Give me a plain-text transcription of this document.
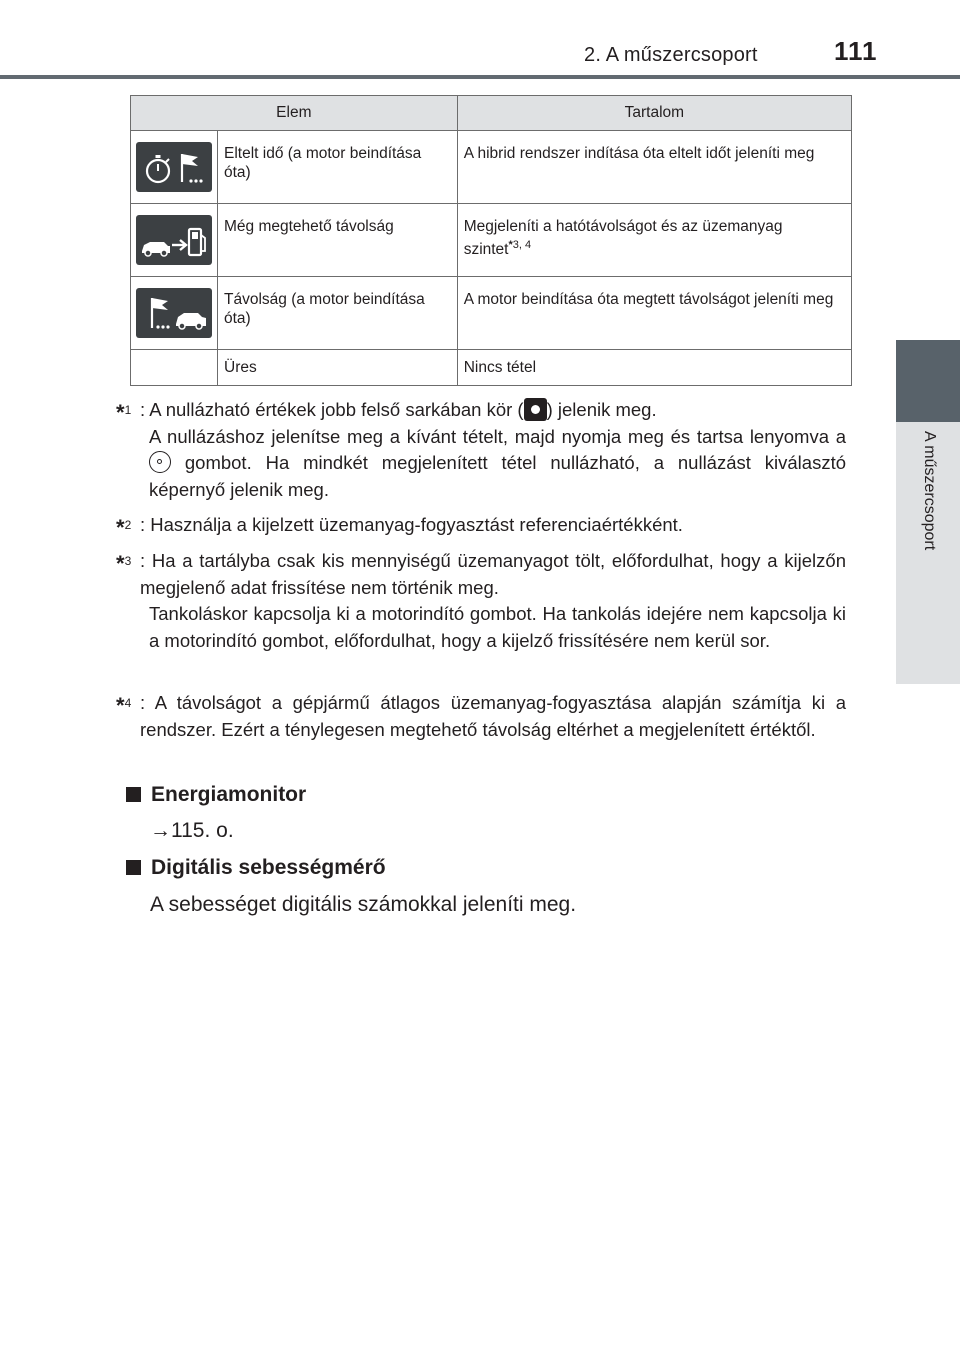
2. A műszercsoport	111
2
A műszercsoport
Elem		Tartalom

	Eltelt idő (a motor beindítása óta)	A hibrid rendszer indítása óta eltelt időt jeleníti meg

	Még megtehető távolság	Megjeleníti a hatótávolságot és az üzemanyag szintet$^{*3, 4}$

	Távolság (a motor beindítása óta)	A motor beindítása óta megtett távolságot jeleníti meg
	Üres	Nincs tétel
*$^1$ : A nullázható értékek jobb felső sarkában kör ( ) jelenik meg.

A nullázáshoz jelenítse meg a kívánt tételt, majd nyomja meg és tartsa lenyomva a  gombot. Ha mindkét megjelenített tétel nullázható, a nullázást kiválasztó képernyő jelenik meg.

*$^2$ : Használja a kijelzett üzemanyag-fogyasztást referenciaértékként.

*$^3$ : Ha a tartályba csak kis mennyiségű üzemanyagot tölt, előfordulhat, hogy a kijelzőn megjelenő adat frissítése nem történik meg.

Tankoláskor kapcsolja ki a motorindító gombot. Ha tankolás idejére nem kapcsolja ki a motorindító gombot, előfordulhat, hogy a kijelző frissítésére nem kerül sor.

*$^4$ : A távolságot a gépjármű átlagos üzemanyag-fogyasztása alapján számítja ki a rendszer. Ezért a ténylegesen megtehető távolság eltérhet a megjelenített értéktől.

Energiamonitor
→115. o.
Digitális sebességmérő
A sebességet digitális számokkal jeleníti meg.
